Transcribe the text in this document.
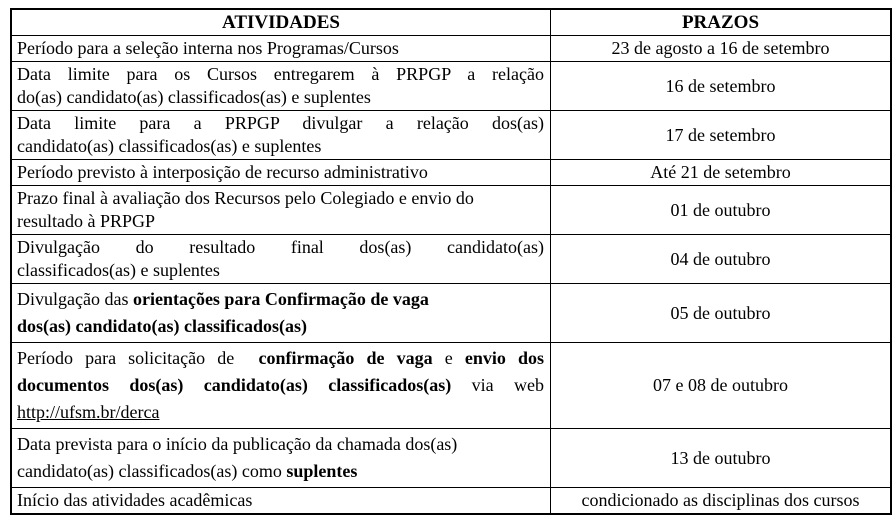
ATIVIDADES	PRAZOS

Período para a seleção interna nos Programas/Cursos	23 de agosto a 16 de setembro

Data limite para os Cursos entregarem à PRPGP a relação
do(as) candidato(as) classificados(as) e suplentes	16 de setembro

Data limite para a PRPGP divulgar a relação dos(as)
candidato(as) classificados(as) e suplentes	17 de setembro

Período previsto à interposição de recurso administrativo	Até 21 de setembro

Prazo final à avaliação dos Recursos pelo Colegiado e envio do
resultado à PRPGP	01 de outubro

Divulgação do resultado final dos(as) candidato(as)
classificados(as) e suplentes	04 de outubro

Divulgação das orientações para Confirmação de vaga
dos(as) candidato(as) classificados(as)	05 de outubro

Período para solicitação de  confirmação de vaga e envio dos
documentos dos(as) candidato(as) classificados(as) via web
http://ufsm.br/derca	07 e 08 de outubro

Data prevista para o início da publicação da chamada dos(as)
candidato(as) classificados(as) como suplentes	13 de outubro

Início das atividades acadêmicas	condicionado as disciplinas dos cursos
